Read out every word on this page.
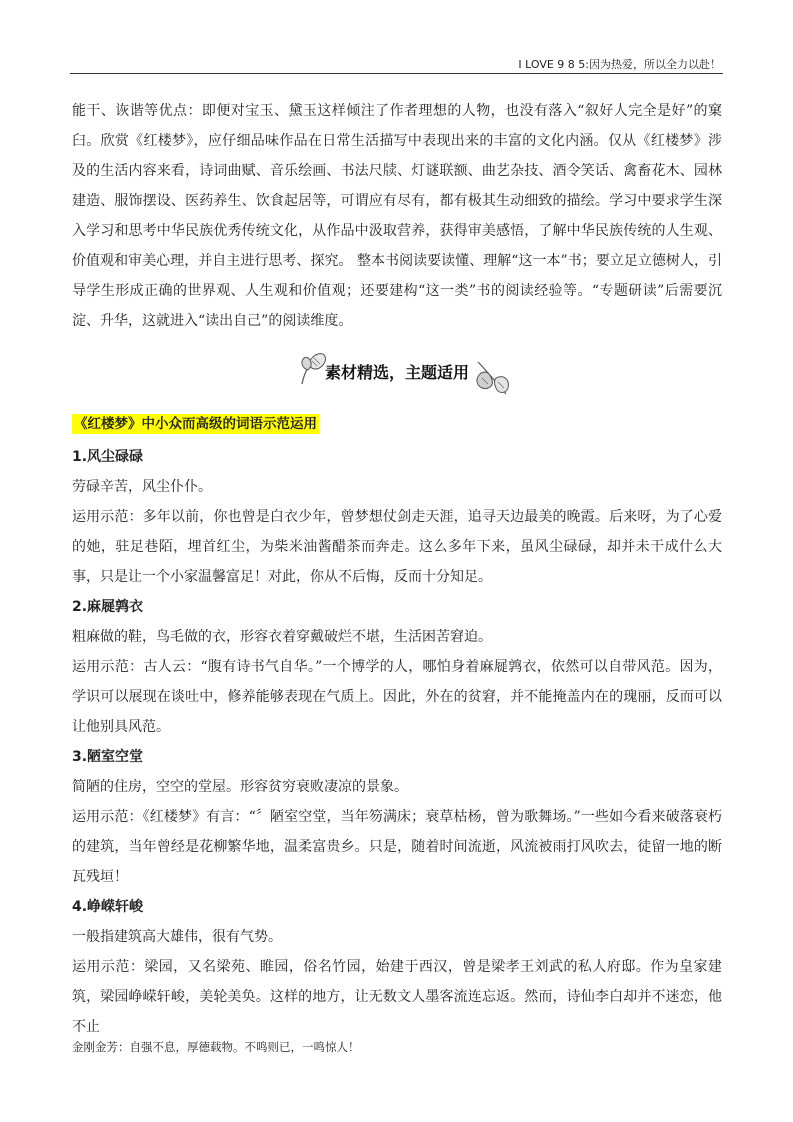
I LOVE 9 8 5:因为热爱，所以全力以赴！

能干、诙谐等优点：即便对宝玉、黛玉这样倾注了作者理想的人物，也没有落入“叙好人完全是好”的窠臼。欣赏《红楼梦》，应仔细品味作品在日常生活描写中表现出来的丰富的文化内涵。仅从《红楼梦》涉及的生活内容来看，诗词曲赋、音乐绘画、书法尺牍、灯谜联额、曲艺杂技、酒令笑话、禽畜花木、园林建造、服饰摆设、医药养生、饮食起居等，可谓应有尽有，都有极其生动细致的描绘。学习中要求学生深入学习和思考中华民族优秀传统文化，从作品中汲取营养，获得审美感悟，了解中华民族传统的人生观、价值观和审美心理，并自主进行思考、探究。 整本书阅读要读懂、理解“这一本”书；要立足立德树人，引导学生形成正确的世界观、人生观和价值观；还要建构“这一类”书的阅读经验等。“专题研读”后需要沉淀、升华，这就进入“读出自己”的阅读维度。

素材精选，主题适用
《红楼梦》中小众而高级的词语示范运用

1.风尘碌碌

劳碌辛苦，风尘仆仆。

运用示范：多年以前，你也曾是白衣少年，曾梦想仗剑走天涯，追寻天边最美的晚霞。后来呀，为了心爱的她，驻足巷陌，埋首红尘，为柴米油酱醋茶而奔走。这么多年下来，虽风尘碌碌，却并未干成什么大事，只是让一个小家温馨富足！对此，你从不后悔，反而十分知足。

2.麻屣鹑衣

粗麻做的鞋，鸟毛做的衣，形容衣着穿戴破烂不堪，生活困苦窘迫。

运用示范：古人云：“腹有诗书气自华。”一个博学的人，哪怕身着麻屣鹑衣，依然可以自带风范。因为，学识可以展现在谈吐中，修养能够表现在气质上。因此，外在的贫窘，并不能掩盖内在的瑰丽，反而可以让他别具风范。

3.陋室空堂

简陋的住房，空空的堂屋。形容贫穷衰败凄凉的景象。

运用示范：《红楼梦》有言：“〞陋室空堂，当年笏满床；衰草枯杨，曾为歌舞场。”一些如今看来破落衰朽的建筑，当年曾经是花柳繁华地，温柔富贵乡。只是，随着时间流逝，风流被雨打风吹去，徒留一地的断瓦残垣！

4.峥嵘轩峻

一般指建筑高大雄伟，很有气势。

运用示范：梁园，又名梁苑、睢园，俗名竹园，始建于西汉，曾是梁孝王刘武的私人府邸。作为皇家建筑，梁园峥嵘轩峻，美轮美奂。这样的地方，让无数文人墨客流连忘返。然而，诗仙李白却并不迷恋，他不止

金刚金芳：自强不息，厚德载物。不鸣则已，一鸣惊人！
